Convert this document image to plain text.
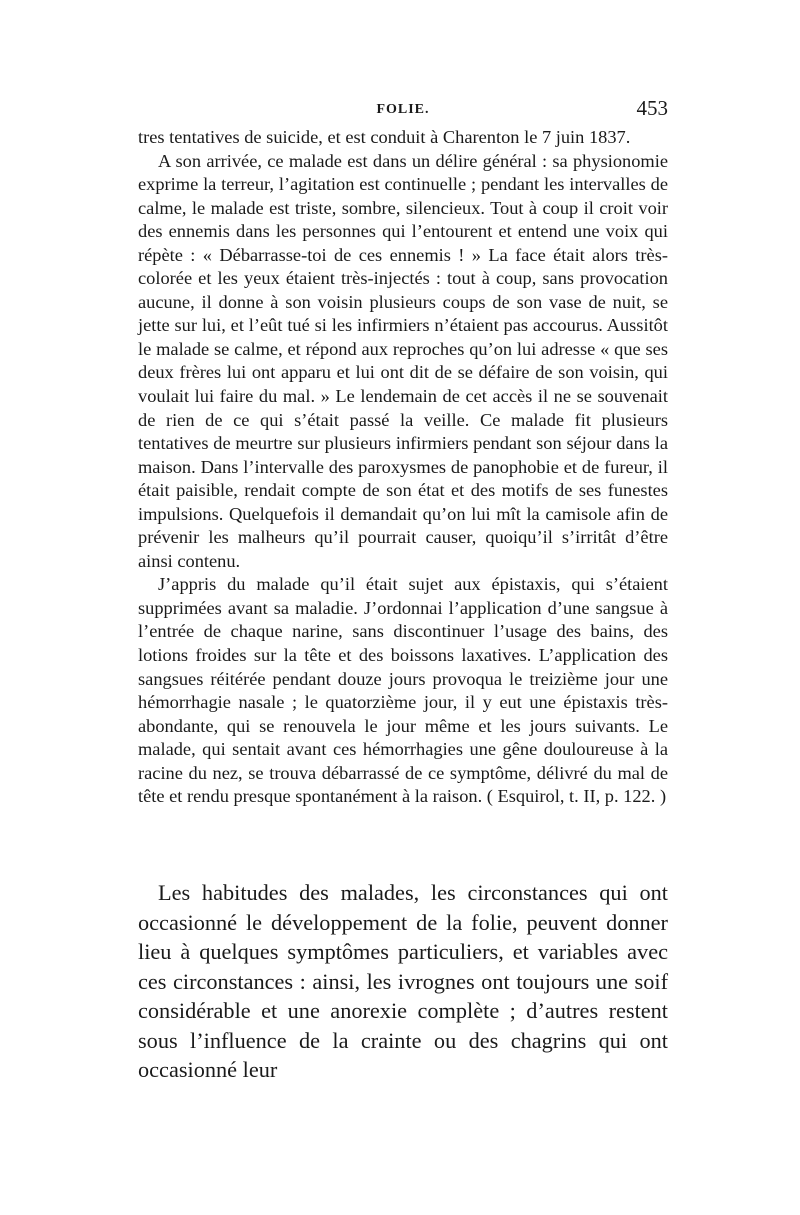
FOLIE.	453

tres tentatives de suicide, et est conduit à Charenton le 7 juin 1837.

A son arrivée, ce malade est dans un délire général : sa physionomie exprime la terreur, l’agitation est continuelle ; pendant les intervalles de calme, le malade est triste, sombre, silencieux. Tout à coup il croit voir des ennemis dans les personnes qui l’entourent et entend une voix qui répète : « Débarrasse-toi de ces ennemis ! » La face était alors très-colorée et les yeux étaient très-injectés : tout à coup, sans provocation aucune, il donne à son voisin plusieurs coups de son vase de nuit, se jette sur lui, et l’eût tué si les infirmiers n’étaient pas accourus. Aussitôt le malade se calme, et répond aux reproches qu’on lui adresse « que ses deux frères lui ont apparu et lui ont dit de se défaire de son voisin, qui voulait lui faire du mal. » Le lendemain de cet accès il ne se souvenait de rien de ce qui s’était passé la veille. Ce malade fit plusieurs tentatives de meurtre sur plusieurs infirmiers pendant son séjour dans la maison. Dans l’intervalle des paroxysmes de panophobie et de fureur, il était paisible, rendait compte de son état et des motifs de ses funestes impulsions. Quelquefois il demandait qu’on lui mît la camisole afin de prévenir les malheurs qu’il pourrait causer, quoiqu’il s’irritât d’être ainsi contenu.

J’appris du malade qu’il était sujet aux épistaxis, qui s’étaient supprimées avant sa maladie. J’ordonnai l’application d’une sangsue à l’entrée de chaque narine, sans discontinuer l’usage des bains, des lotions froides sur la tête et des boissons laxatives. L’application des sangsues réitérée pendant douze jours provoqua le treizième jour une hémorrhagie nasale ; le quatorzième jour, il y eut une épistaxis très-abondante, qui se renouvela le jour même et les jours suivants. Le malade, qui sentait avant ces hémorrhagies une gêne douloureuse à la racine du nez, se trouva débarrassé de ce symptôme, délivré du mal de tête et rendu presque spontanément à la raison. ( Esquirol, t. II, p. 122. )

Les habitudes des malades, les circonstances qui ont occasionné le développement de la folie, peuvent donner lieu à quelques symptômes particuliers, et variables avec ces circonstances : ainsi, les ivrognes ont toujours une soif considérable et une anorexie complète ; d’autres restent sous l’influence de la crainte ou des chagrins qui ont occasionné leur
